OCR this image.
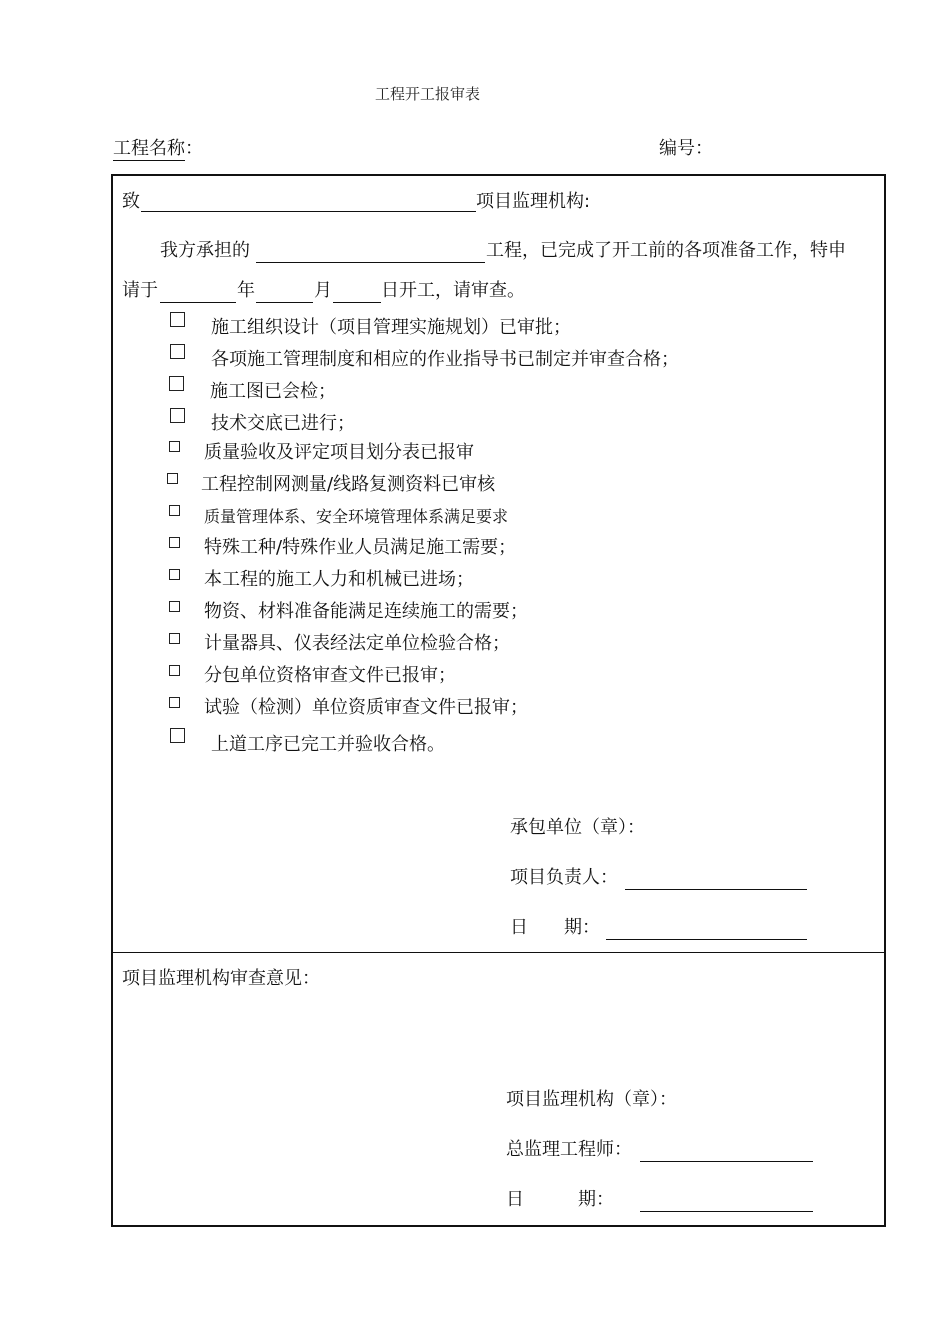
工程开工报审表
工程名称：	编号：
致	项目监理机构:
我方承担的	工程，已完成了开工前的各项准备工作，特申
请于	年	月	日开工，请审查。
施工组织设计（项目管理实施规划）已审批；
各项施工管理制度和相应的作业指导书已制定并审查合格；
施工图已会检；
技术交底已进行；
质量验收及评定项目划分表已报审
工程控制网测量/线路复测资料已审核
质量管理体系、安全环境管理体系满足要求
特殊工种/特殊作业人员满足施工需要；
本工程的施工人力和机械已进场；
物资、材料准备能满足连续施工的需要；
计量器具、仪表经法定单位检验合格；
分包单位资格审查文件已报审；
试验（检测）单位资质审查文件已报审；
上道工序已完工并验收合格。
承包单位（章）：
项目负责人：
日　　期：
项目监理机构审查意见：
项目监理机构（章）：
总监理工程师：
日　　　期：
